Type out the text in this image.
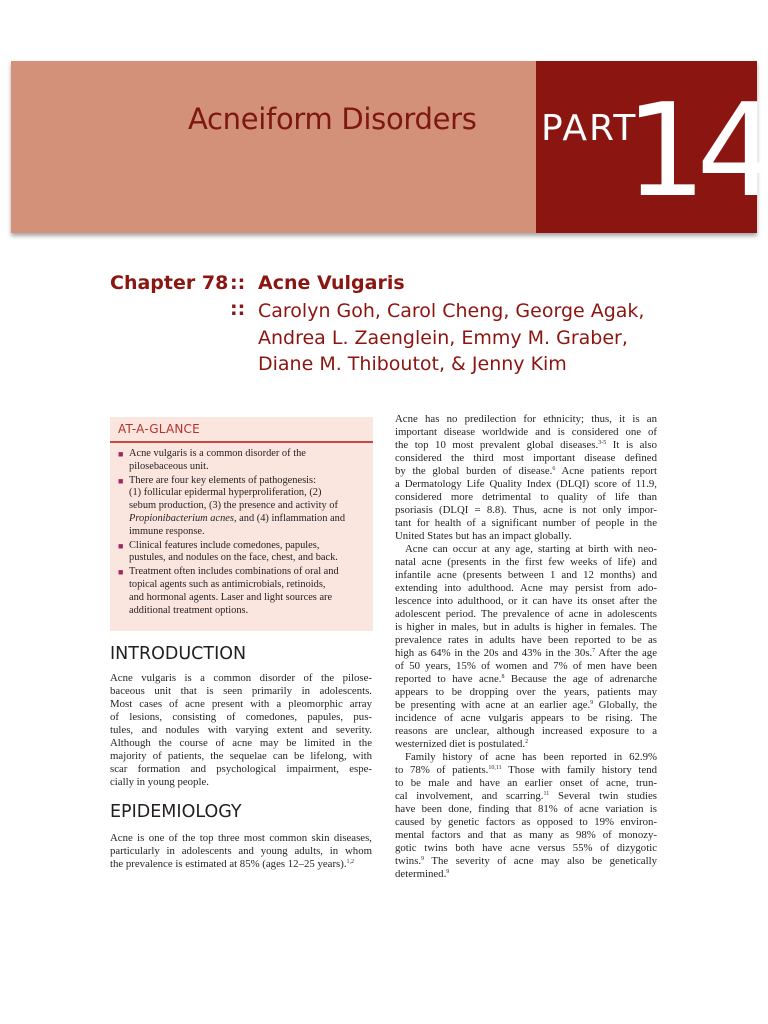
Acneiform Disorders PART
14
Chapter 78 :: Acne Vulgaris
:: Carolyn Goh, Carol Cheng, George Agak,
Andrea L. Zaenglein, Emmy M. Graber,
Diane M. Thiboutot, & Jenny Kim
AT-A-GLANCE
■ Acne vulgaris is a common disorder of the
pilosebaceous unit.
■ There are four key elements of pathogenesis:
(1) follicular epidermal hyperproliferation, (2)
sebum production, (3) the presence and activity of
Propionibacterium acnes, and (4) inflammation and
immune response.
■ Clinical features include comedones, papules,
pustules, and nodules on the face, chest, and back.
■ Treatment often includes combinations of oral and
topical agents such as antimicrobials, retinoids,
and hormonal agents. Laser and light sources are
additional treatment options.
INTRODUCTION
Acne vulgaris is a common disorder of the pilose-
baceous unit that is seen primarily in adolescents.
Most cases of acne present with a pleomorphic array
of lesions, consisting of comedones, papules, pus-
tules, and nodules with varying extent and severity.
Although the course of acne may be limited in the
majority of patients, the sequelae can be lifelong, with
scar formation and psychological impairment, espe-
cially in young people.
EPIDEMIOLOGY
Acne is one of the top three most common skin diseases,
particularly in adolescents and young adults, in whom
the prevalence is estimated at 85% (ages 12–25 years).$^{1,2}$
Acne has no predilection for ethnicity; thus, it is an
important disease worldwide and is considered one of
the top 10 most prevalent global diseases.$^{3-5}$ It is also
considered the third most important disease defined
by the global burden of disease.$^6$ Acne patients report
a Dermatology Life Quality Index (DLQI) score of 11.9,
considered more detrimental to quality of life than
psoriasis (DLQI = 8.8). Thus, acne is not only impor-
tant for health of a significant number of people in the
United States but has an impact globally.
Acne can occur at any age, starting at birth with neo-
natal acne (presents in the first few weeks of life) and
infantile acne (presents between 1 and 12 months) and
extending into adulthood. Acne may persist from ado-
lescence into adulthood, or it can have its onset after the
adolescent period. The prevalence of acne in adolescents
is higher in males, but in adults is higher in females. The
prevalence rates in adults have been reported to be as
high as 64% in the 20s and 43% in the 30s.$^7$ After the age
of 50 years, 15% of women and 7% of men have been
reported to have acne.$^8$ Because the age of adrenarche
appears to be dropping over the years, patients may
be presenting with acne at an earlier age.$^9$ Globally, the
incidence of acne vulgaris appears to be rising. The
reasons are unclear, although increased exposure to a
westernized diet is postulated.$^2$
Family history of acne has been reported in 62.9%
to 78% of patients.$^{10,11}$ Those with family history tend
to be male and have an earlier onset of acne, trun-
cal involvement, and scarring.$^{11}$ Several twin studies
have been done, finding that 81% of acne variation is
caused by genetic factors as opposed to 19% environ-
mental factors and that as many as 98% of monozy-
gotic twins both have acne versus 55% of dizygotic
twins.$^9$ The severity of acne may also be genetically
determined.$^9$
